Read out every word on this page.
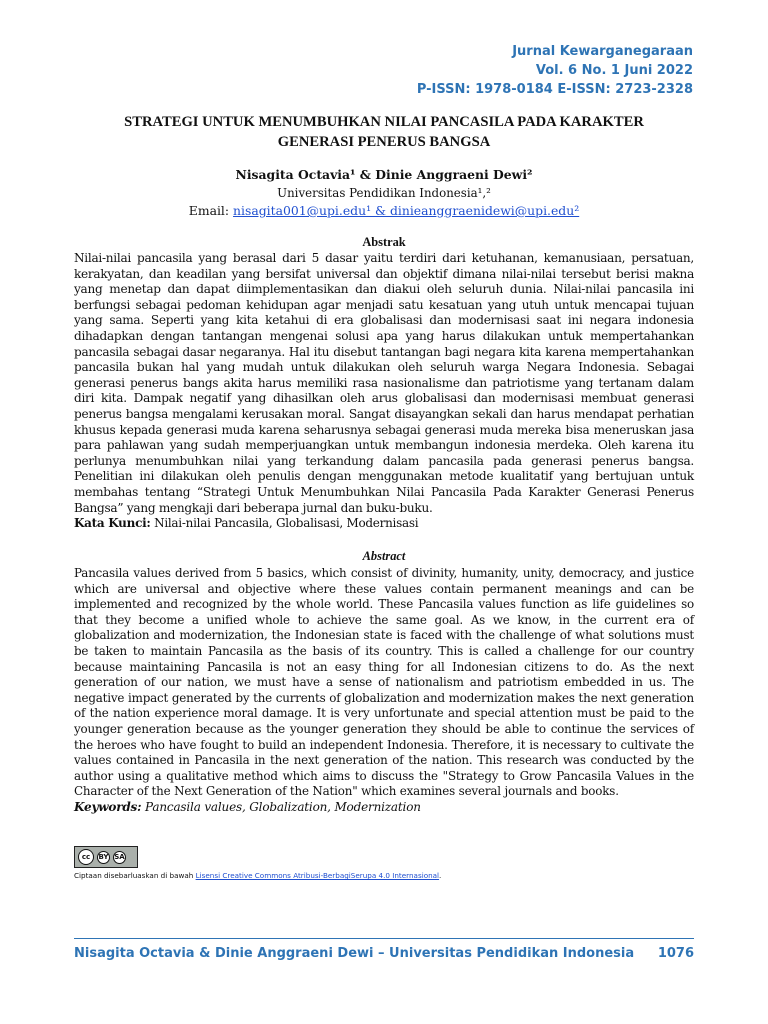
Jurnal Kewarganegaraan
Vol. 6 No. 1 Juni 2022
P-ISSN: 1978-0184 E-ISSN: 2723-2328
STRATEGI UNTUK MENUMBUHKAN NILAI PANCASILA PADA KARAKTER
GENERASI PENERUS BANGSA
Nisagita Octavia¹ & Dinie Anggraeni Dewi²
Universitas Pendidikan Indonesia¹,²
Email: nisagita001@upi.edu¹ & dinieanggraenidewi@upi.edu²
Abstrak
Nilai-nilai pancasila yang berasal dari 5 dasar yaitu terdiri dari ketuhanan, kemanusiaan, persatuan, kerakyatan, dan keadilan yang bersifat universal dan objektif dimana nilai-nilai tersebut berisi makna yang menetap dan dapat diimplementasikan dan diakui oleh seluruh dunia. Nilai-nilai pancasila ini berfungsi sebagai pedoman kehidupan agar menjadi satu kesatuan yang utuh untuk mencapai tujuan yang sama. Seperti yang kita ketahui di era globalisasi dan modernisasi saat ini negara indonesia dihadapkan dengan tantangan mengenai solusi apa yang harus dilakukan untuk mempertahankan pancasila sebagai dasar negaranya. Hal itu disebut tantangan bagi negara kita karena mempertahankan pancasila bukan hal yang mudah untuk dilakukan oleh seluruh warga Negara Indonesia. Sebagai generasi penerus bangs akita harus memiliki rasa nasionalisme dan patriotisme yang tertanam dalam diri kita. Dampak negatif yang dihasilkan oleh arus globalisasi dan modernisasi membuat generasi penerus bangsa mengalami kerusakan moral. Sangat disayangkan sekali dan harus mendapat perhatian khusus kepada generasi muda karena seharusnya sebagai generasi muda mereka bisa meneruskan jasa para pahlawan yang sudah memperjuangkan untuk membangun indonesia merdeka. Oleh karena itu perlunya menumbuhkan nilai yang terkandung dalam pancasila pada generasi penerus bangsa. Penelitian ini dilakukan oleh penulis dengan menggunakan metode kualitatif yang bertujuan untuk membahas tentang “Strategi Untuk Menumbuhkan Nilai Pancasila Pada Karakter Generasi Penerus Bangsa” yang mengkaji dari beberapa jurnal dan buku-buku.
Kata Kunci: Nilai-nilai Pancasila, Globalisasi, Modernisasi
Abstract
Pancasila values derived from 5 basics, which consist of divinity, humanity, unity, democracy, and justice which are universal and objective where these values contain permanent meanings and can be implemented and recognized by the whole world. These Pancasila values function as life guidelines so that they become a unified whole to achieve the same goal. As we know, in the current era of globalization and modernization, the Indonesian state is faced with the challenge of what solutions must be taken to maintain Pancasila as the basis of its country. This is called a challenge for our country because maintaining Pancasila is not an easy thing for all Indonesian citizens to do. As the next generation of our nation, we must have a sense of nationalism and patriotism embedded in us. The negative impact generated by the currents of globalization and modernization makes the next generation of the nation experience moral damage. It is very unfortunate and special attention must be paid to the younger generation because as the younger generation they should be able to continue the services of the heroes who have fought to build an independent Indonesia. Therefore, it is necessary to cultivate the values contained in Pancasila in the next generation of the nation. This research was conducted by the author using a qualitative method which aims to discuss the "Strategy to Grow Pancasila Values in the Character of the Next Generation of the Nation" which examines several journals and books.
Keywords: Pancasila values, Globalization, Modernization
cc	BY SA
Ciptaan disebarluaskan di bawah Lisensi Creative Commons Atribusi-BerbagiSerupa 4.0 Internasional.
Nisagita Octavia & Dinie Anggraeni Dewi – Universitas Pendidikan Indonesia 1076
